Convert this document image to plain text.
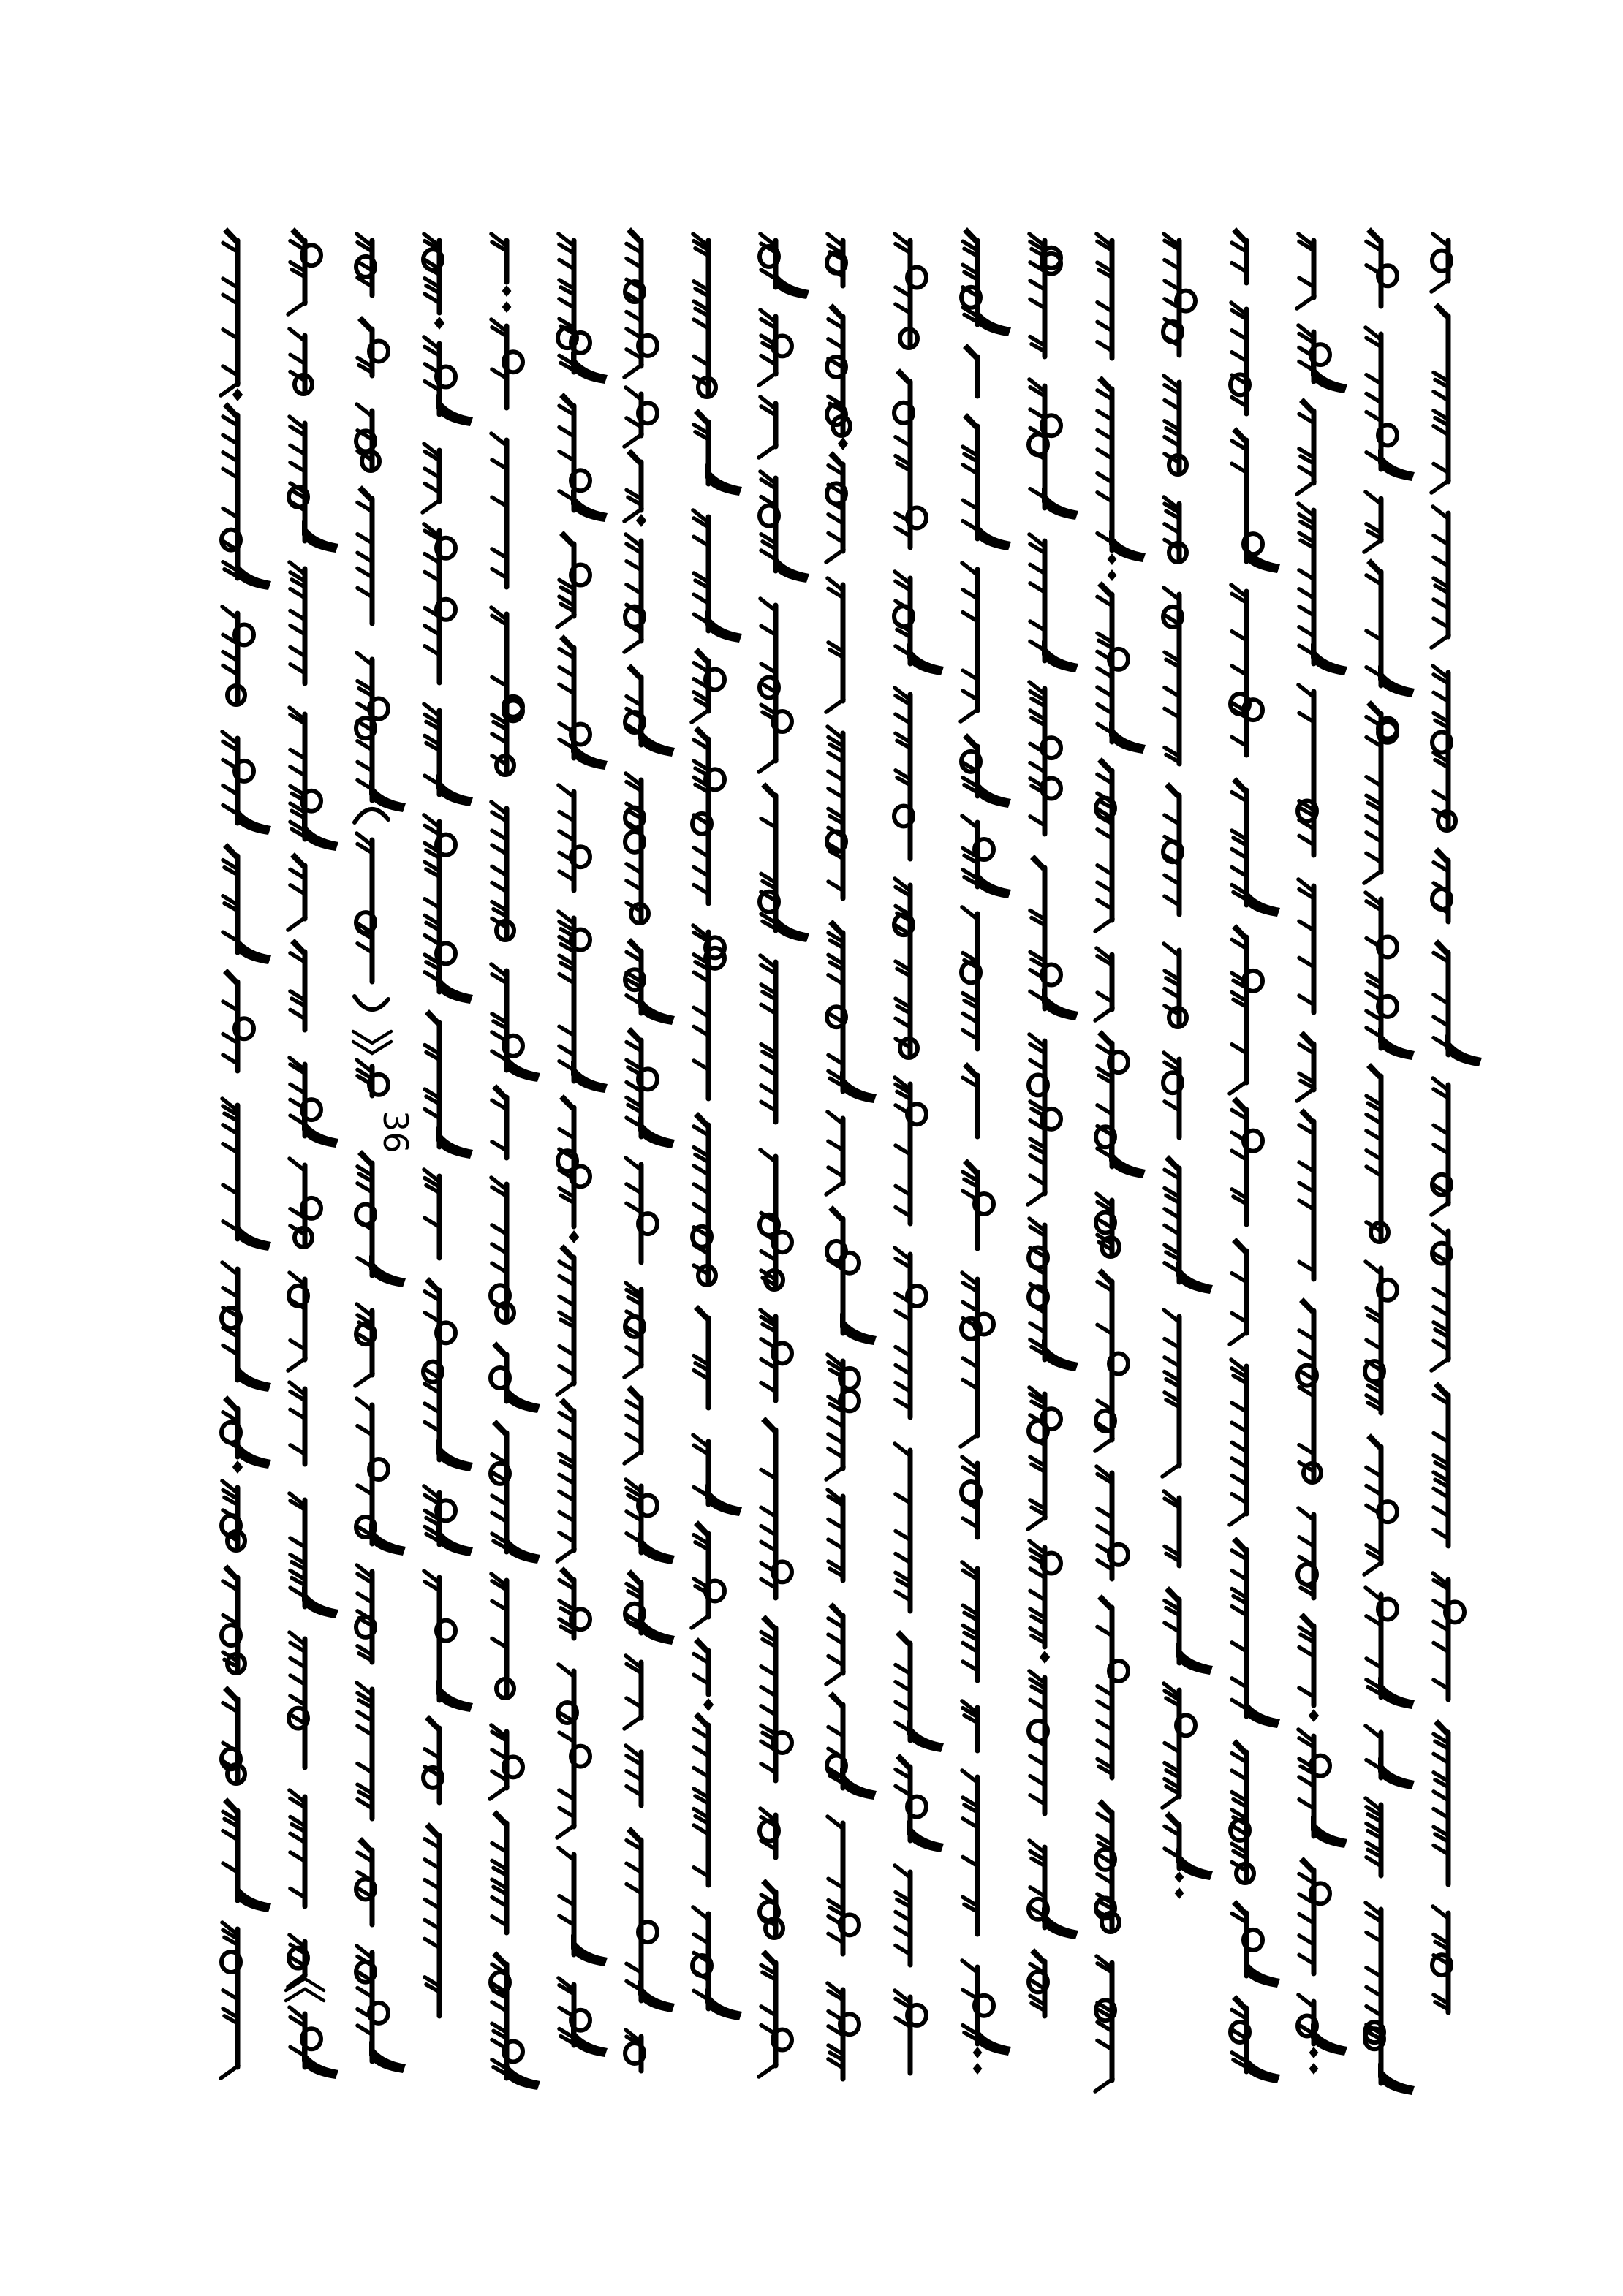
36
